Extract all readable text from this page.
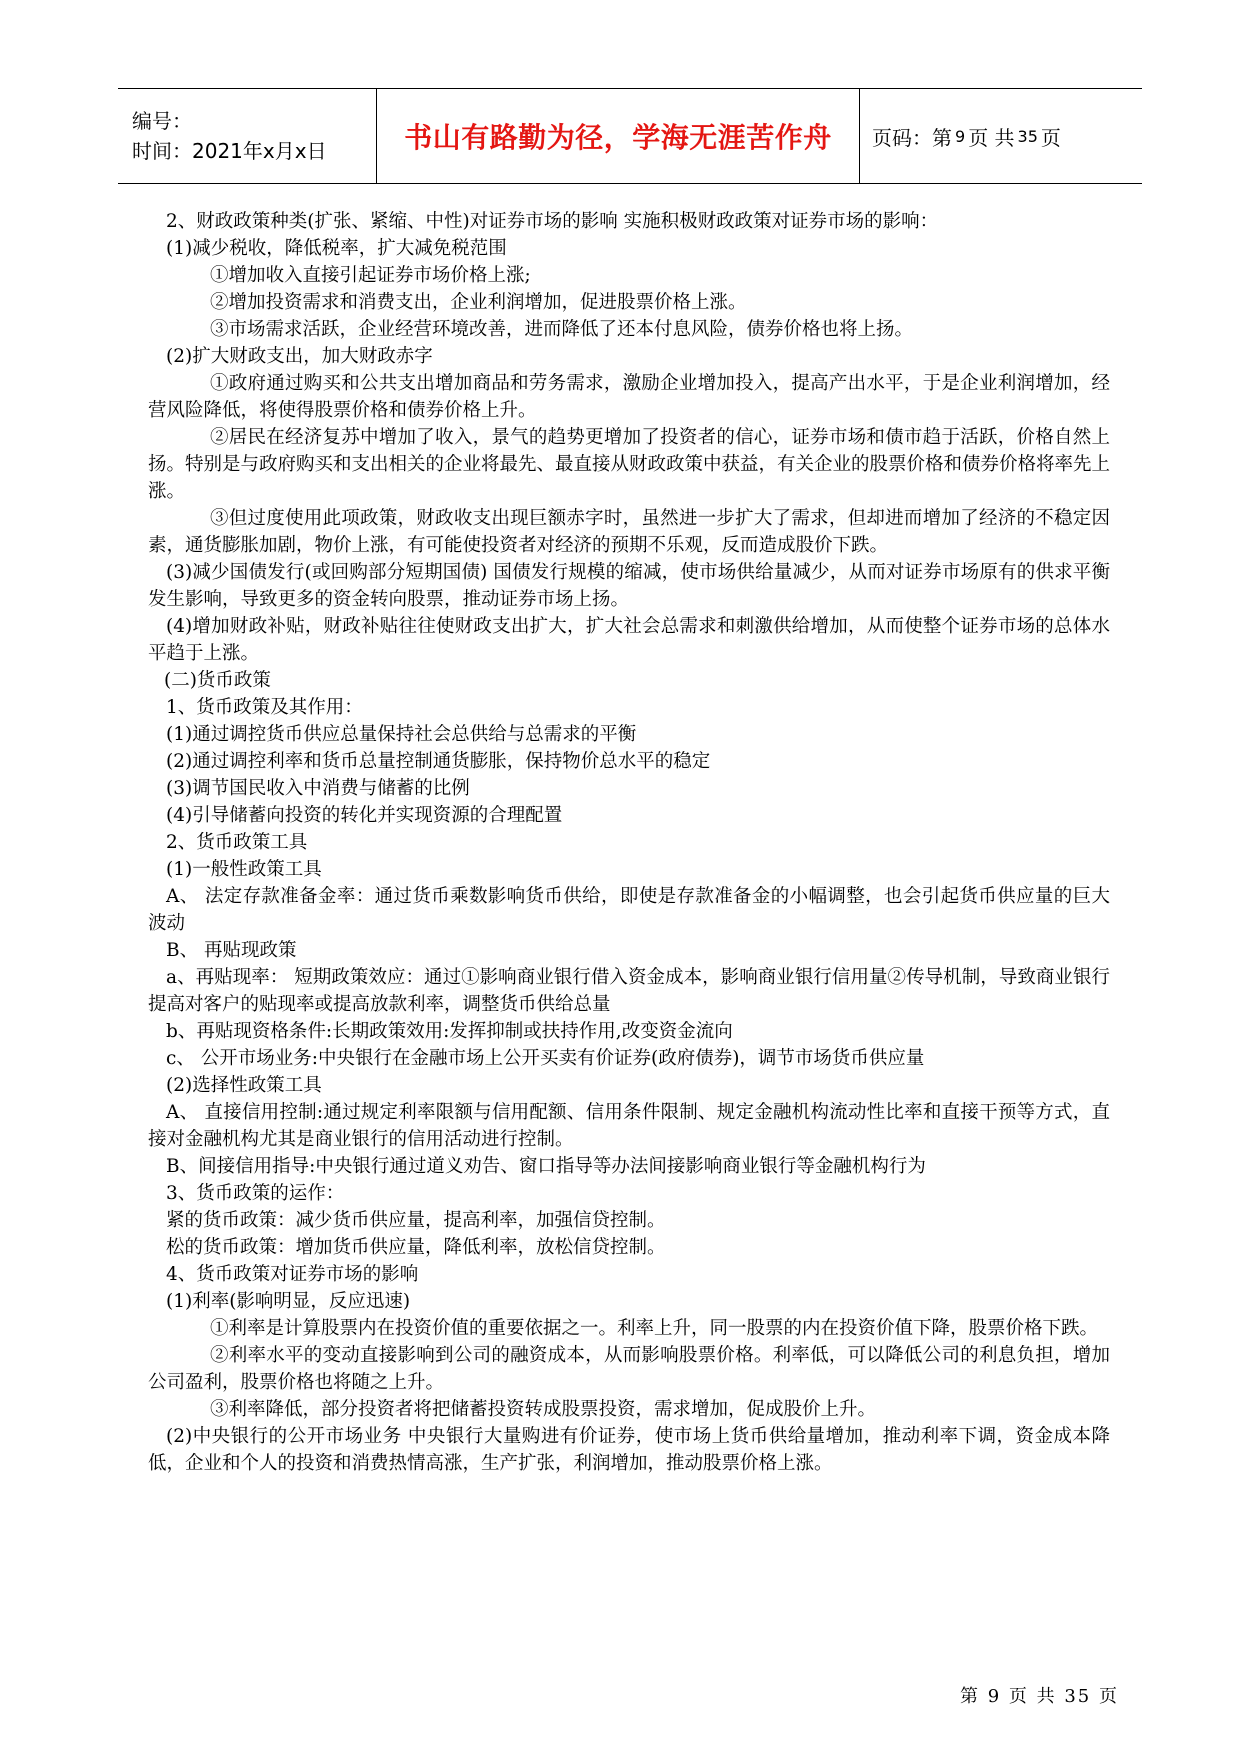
编号：
时间：2021年x月x日	书山有路勤为径，学海无涯苦作舟	页码：第 9 页 共 35 页

2、财政政策种类(扩张、紧缩、中性)对证券市场的影响 实施积极财政政策对证券市场的影响：

(1)减少税收，降低税率，扩大减免税范围

①增加收入直接引起证券市场价格上涨;

②增加投资需求和消费支出，企业利润增加，促进股票价格上涨。

③市场需求活跃，企业经营环境改善，进而降低了还本付息风险，债券价格也将上扬。

(2)扩大财政支出，加大财政赤字

①政府通过购买和公共支出增加商品和劳务需求，激励企业增加投入，提高产出水平，于是企业利润增加，经营风险降低，将使得股票价格和债券价格上升。

②居民在经济复苏中增加了收入，景气的趋势更增加了投资者的信心，证券市场和债市趋于活跃，价格自然上扬。特别是与政府购买和支出相关的企业将最先、最直接从财政政策中获益，有关企业的股票价格和债券价格将率先上涨。

③但过度使用此项政策，财政收支出现巨额赤字时，虽然进一步扩大了需求，但却进而增加了经济的不稳定因素，通货膨胀加剧，物价上涨，有可能使投资者对经济的预期不乐观，反而造成股价下跌。

(3)减少国债发行(或回购部分短期国债) 国债发行规模的缩减，使市场供给量减少，从而对证券市场原有的供求平衡发生影响，导致更多的资金转向股票，推动证券市场上扬。

(4)增加财政补贴，财政补贴往往使财政支出扩大，扩大社会总需求和刺激供给增加，从而使整个证券市场的总体水平趋于上涨。

(二)货币政策

1、货币政策及其作用：

(1)通过调控货币供应总量保持社会总供给与总需求的平衡

(2)通过调控利率和货币总量控制通货膨胀，保持物价总水平的稳定

(3)调节国民收入中消费与储蓄的比例

(4)引导储蓄向投资的转化并实现资源的合理配置

2、货币政策工具

(1)一般性政策工具

A、 法定存款准备金率：通过货币乘数影响货币供给，即使是存款准备金的小幅调整，也会引起货币供应量的巨大波动

B、 再贴现政策

a、再贴现率： 短期政策效应：通过①影响商业银行借入资金成本，影响商业银行信用量②传导机制，导致商业银行提高对客户的贴现率或提高放款利率，调整货币供给总量

b、再贴现资格条件:长期政策效用:发挥抑制或扶持作用,改变资金流向

c、 公开市场业务:中央银行在金融市场上公开买卖有价证券(政府债券)，调节市场货币供应量

(2)选择性政策工具

A、 直接信用控制:通过规定利率限额与信用配额、信用条件限制、规定金融机构流动性比率和直接干预等方式，直接对金融机构尤其是商业银行的信用活动进行控制。

B、间接信用指导:中央银行通过道义劝告、窗口指导等办法间接影响商业银行等金融机构行为

3、货币政策的运作：

紧的货币政策：减少货币供应量，提高利率，加强信贷控制。

松的货币政策：增加货币供应量，降低利率，放松信贷控制。

4、货币政策对证券市场的影响

(1)利率(影响明显，反应迅速)

①利率是计算股票内在投资价值的重要依据之一。利率上升，同一股票的内在投资价值下降，股票价格下跌。

②利率水平的变动直接影响到公司的融资成本，从而影响股票价格。利率低，可以降低公司的利息负担，增加公司盈利，股票价格也将随之上升。

③利率降低，部分投资者将把储蓄投资转成股票投资，需求增加，促成股价上升。

(2)中央银行的公开市场业务 中央银行大量购进有价证券，使市场上货币供给量增加，推动利率下调，资金成本降低，企业和个人的投资和消费热情高涨，生产扩张，利润增加，推动股票价格上涨。

第 9 页 共 35 页
